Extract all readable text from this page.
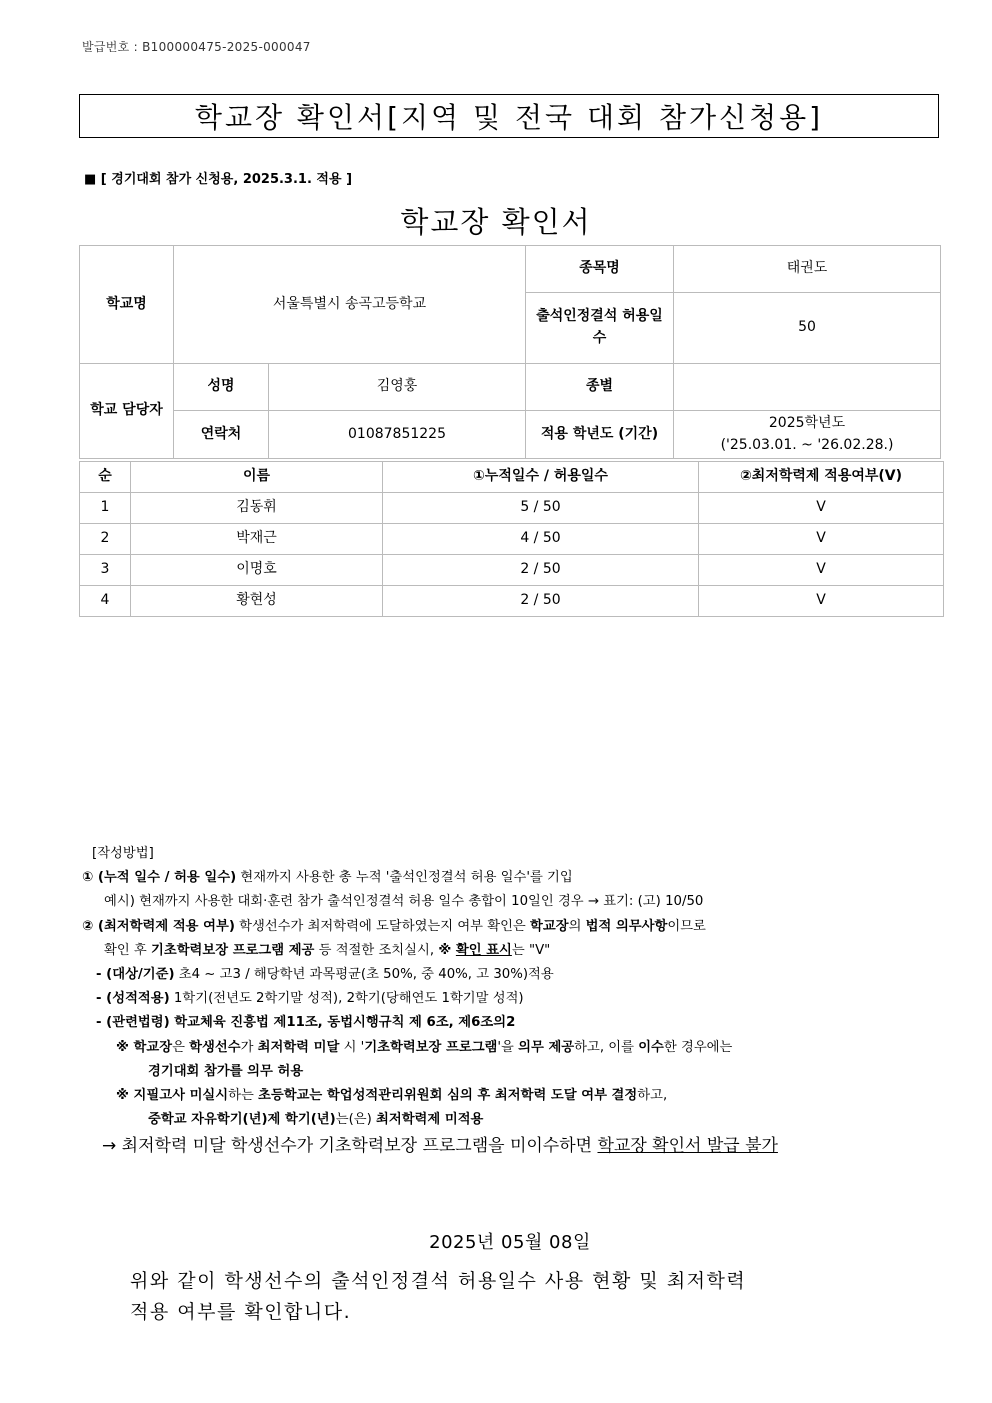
발급번호 : B100000475-2025-000047
학교장 확인서[지역 및 전국 대회 참가신청용]
■ [ 경기대회 참가 신청용, 2025.3.1. 적용 ]
학교장 확인서
학교명	서울특별시 송곡고등학교		종목명	태권도
			출석인정결석 허용일수	50
학교 담당자	성명	김영훙	종별	
	연락처	01087851225	적용 학년도 (기간)	2025학년도
('25.03.01. ~ '26.02.28.)
순	이름	①누적일수 / 허용일수	②최저학력제 적용여부(V)
1	김동휘	5 / 50	V
2	박재근	4 / 50	V
3	이명호	2 / 50	V
4	황현성	2 / 50	V
[작성방법]
① (누적 일수 / 허용 일수) 현재까지 사용한 총 누적 '출석인정결석 허용 일수'를 기입
예시) 현재까지 사용한 대회·훈련 참가 출석인정결석 허용 일수 총합이 10일인 경우 → 표기: (고) 10/50
② (최저학력제 적용 여부) 학생선수가 최저학력에 도달하였는지 여부 확인은 학교장의 법적 의무사항이므로
확인 후 기초학력보장 프로그램 제공 등 적절한 조치실시, ※ 확인 표시는 "V"
- (대상/기준) 초4 ~ 고3 / 해당학년 과목평균(초 50%, 중 40%, 고 30%)적용
- (성적적용) 1학기(전년도 2학기말 성적), 2학기(당해연도 1학기말 성적)
- (관련법령) 학교체육 진흥법 제11조, 동법시행규칙 제 6조, 제6조의2
※ 학교장은 학생선수가 최저학력 미달 시 '기초학력보장 프로그램'을 의무 제공하고, 이를 이수한 경우에는
경기대회 참가를 의무 허용
※ 지필고사 미실시하는 초등학교는 학업성적관리위원회 심의 후 최저학력 도달 여부 결정하고,
중학교 자유학기(년)제 학기(년)는(은) 최저학력제 미적용
→ 최저학력 미달 학생선수가 기초학력보장 프로그램을 미이수하면 학교장 확인서 발급 불가
2025년 05월 08일
위와 같이 학생선수의 출석인정결석 허용일수 사용 현황 및 최저학력
적용 여부를 확인합니다.
